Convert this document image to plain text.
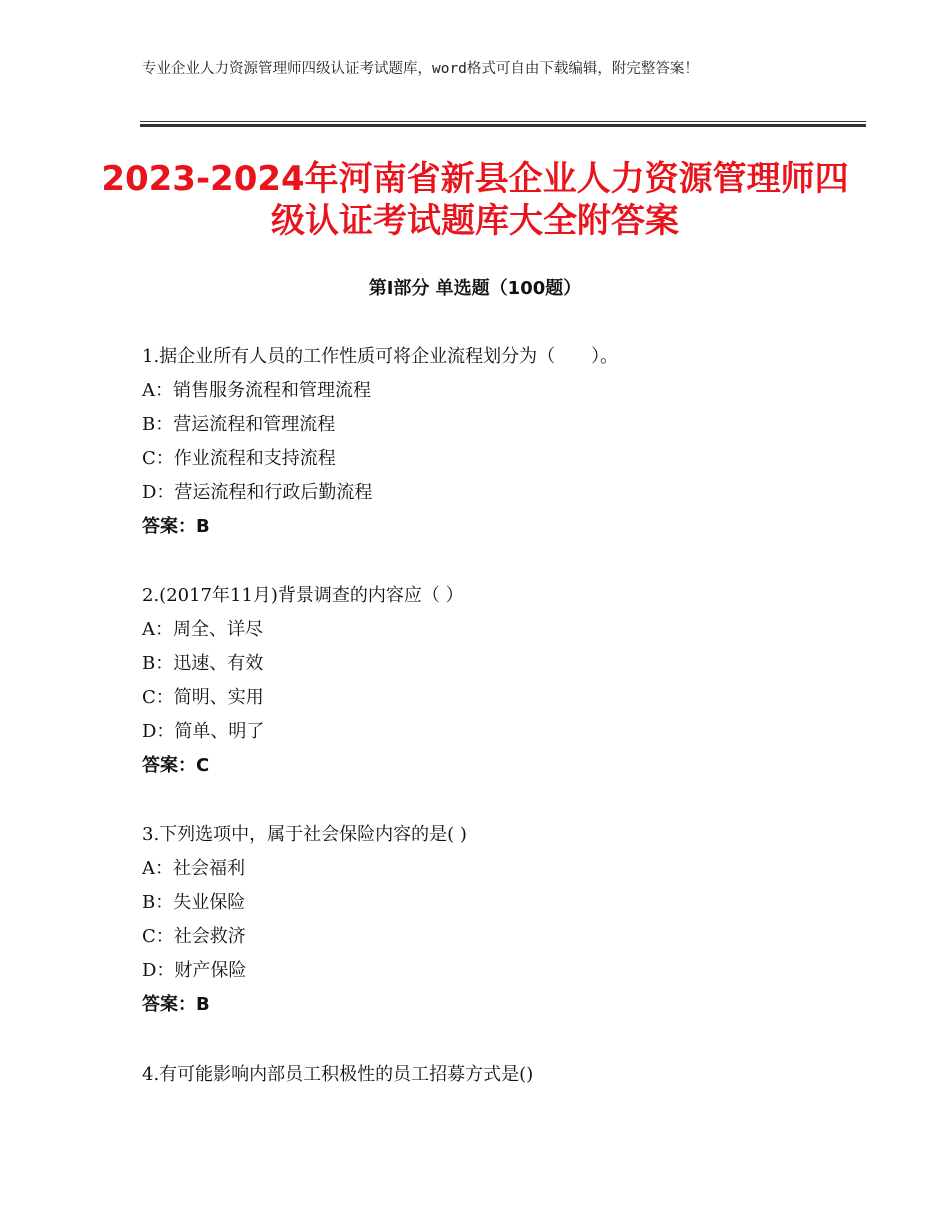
专业企业人力资源管理师四级认证考试题库，word格式可自由下载编辑，附完整答案！
2023-2024年河南省新县企业人力资源管理师四级认证考试题库大全附答案
第Ⅰ部分 单选题（100题）
1.据企业所有人员的工作性质可将企业流程划分为（　　）。
A：销售服务流程和管理流程
B：营运流程和管理流程
C：作业流程和支持流程
D：营运流程和行政后勤流程
答案：B
2.(2017年11月)背景调查的内容应（ ）
A：周全、详尽
B：迅速、有效
C：简明、实用
D：简单、明了
答案：C
3.下列选项中，属于社会保险内容的是( )
A：社会福利
B：失业保险
C：社会救济
D：财产保险
答案：B
4.有可能影响内部员工积极性的员工招募方式是()
